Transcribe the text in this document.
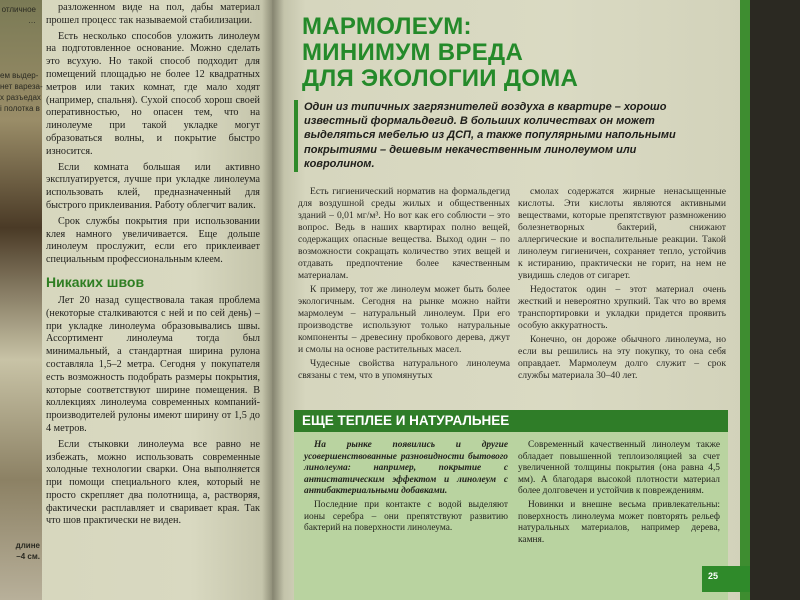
отличное
…
ем выдер-
нет вареза-
х разъедах
і полотка в
длине
–4 см.

разложенном виде на пол, дабы материал прошел процесс так называемой стабилизации.

Есть несколько способов уложить линолеум на подготовленное основание. Можно сделать это всухую. Но такой способ подходит для помещений площадью не более 12 квадратных метров или таких комнат, где мало ходят (например, спальня). Сухой способ хорош своей оперативностью, но опасен тем, что на линолеуме при такой укладке могут образоваться волны, и покрытие быстро износится.

Если комната большая или активно эксплуатируется, лучше при укладке линолеума использовать клей, предназначенный для быстрого приклеивания. Работу облегчит валик.

Срок службы покрытия при использовании клея намного увеличивается. Еще дольше линолеум прослужит, если его приклеивает специальным профессиональным клеем.

Никаких швов

Лет 20 назад существовала такая проблема (некоторые сталкиваются с ней и по сей день) – при укладке линолеума образовывались швы. Ассортимент линолеума тогда был минимальный, а стандартная ширина рулона составляла 1,5–2 метра. Сегодня у покупателя есть возможность подобрать размеры покрытия, которые соответствуют ширине помещения. В коллекциях линолеума современных компаний-производителей рулоны имеют ширину от 1,5 до 4 метров.

Если стыковки линолеума все равно не избежать, можно использовать современные холодные технологии сварки. Она выполняется при помощи специального клея, который не просто скрепляет два полотнища, а, растворяя, фактически расплавляет и сваривает края. Так что шов практически не виден.

МАРМОЛЕУМ:
МИНИМУМ ВРЕДА
ДЛЯ ЭКОЛОГИИ ДОМА
Один из типичных загрязнителей воздуха в квартире – хорошо известный формальдегид. В больших количествах он может выделяться мебелью из ДСП, а также популярными напольными покрытиями – дешевым некачественным линолеумом или ковролином.

Есть гигиенический норматив на формальдегид для воздушной среды жилых и общественных зданий – 0,01 мг/м³. Но вот как его соблюсти – это вопрос. Ведь в наших квартирах полно вещей, содержащих опасные вещества. Выход один – по возможности сокращать количество этих вещей и отдавать предпочтение более качественным материалам.

К примеру, тот же линолеум может быть более экологичным. Сегодня на рынке можно найти мармолеум – натуральный линолеум. При его производстве используют только натуральные компоненты – древесину пробкового дерева, джут и смолы на основе растительных масел.

Чудесные свойства натурального линолеума связаны с тем, что в упомянутых

смолах содержатся жирные ненасыщенные кислоты. Эти кислоты являются активными веществами, которые препятствуют размножению болезнетворных бактерий, снижают аллергические и воспалительные реакции. Такой линолеум гигиеничен, сохраняет тепло, устойчив к истиранию, практически не горит, на нем не увидишь следов от сигарет.

Недостаток один – этот материал очень жесткий и невероятно хрупкий. Так что во время транспортировки и укладки придется проявить особую аккуратность.

Конечно, он дороже обычного линолеума, но если вы решились на эту покупку, то она себя оправдает. Мармолеум долго служит – срок службы материала 30–40 лет.

ЕЩЕ ТЕПЛЕЕ И НАТУРАЛЬНЕЕ

На рынке появились и другие усовершенствованные разновидности бытового линолеума: например, покрытие с антистатическим эффектом и линолеум с антибактериальными добавками.

Последние при контакте с водой выделяют ионы серебра – они препятствуют развитию бактерий на поверхности линолеума.

Современный качественный линолеум также обладает повышенной теплоизоляцией за счет увеличенной толщины покрытия (она равна 4,5 мм). А благодаря высокой плотности материал более долговечен и устойчив к повреждениям.

Новинки и внешне весьма привлекательны: поверхность линолеума может повторять рельеф натуральных материалов, например дерева, камня.

25
